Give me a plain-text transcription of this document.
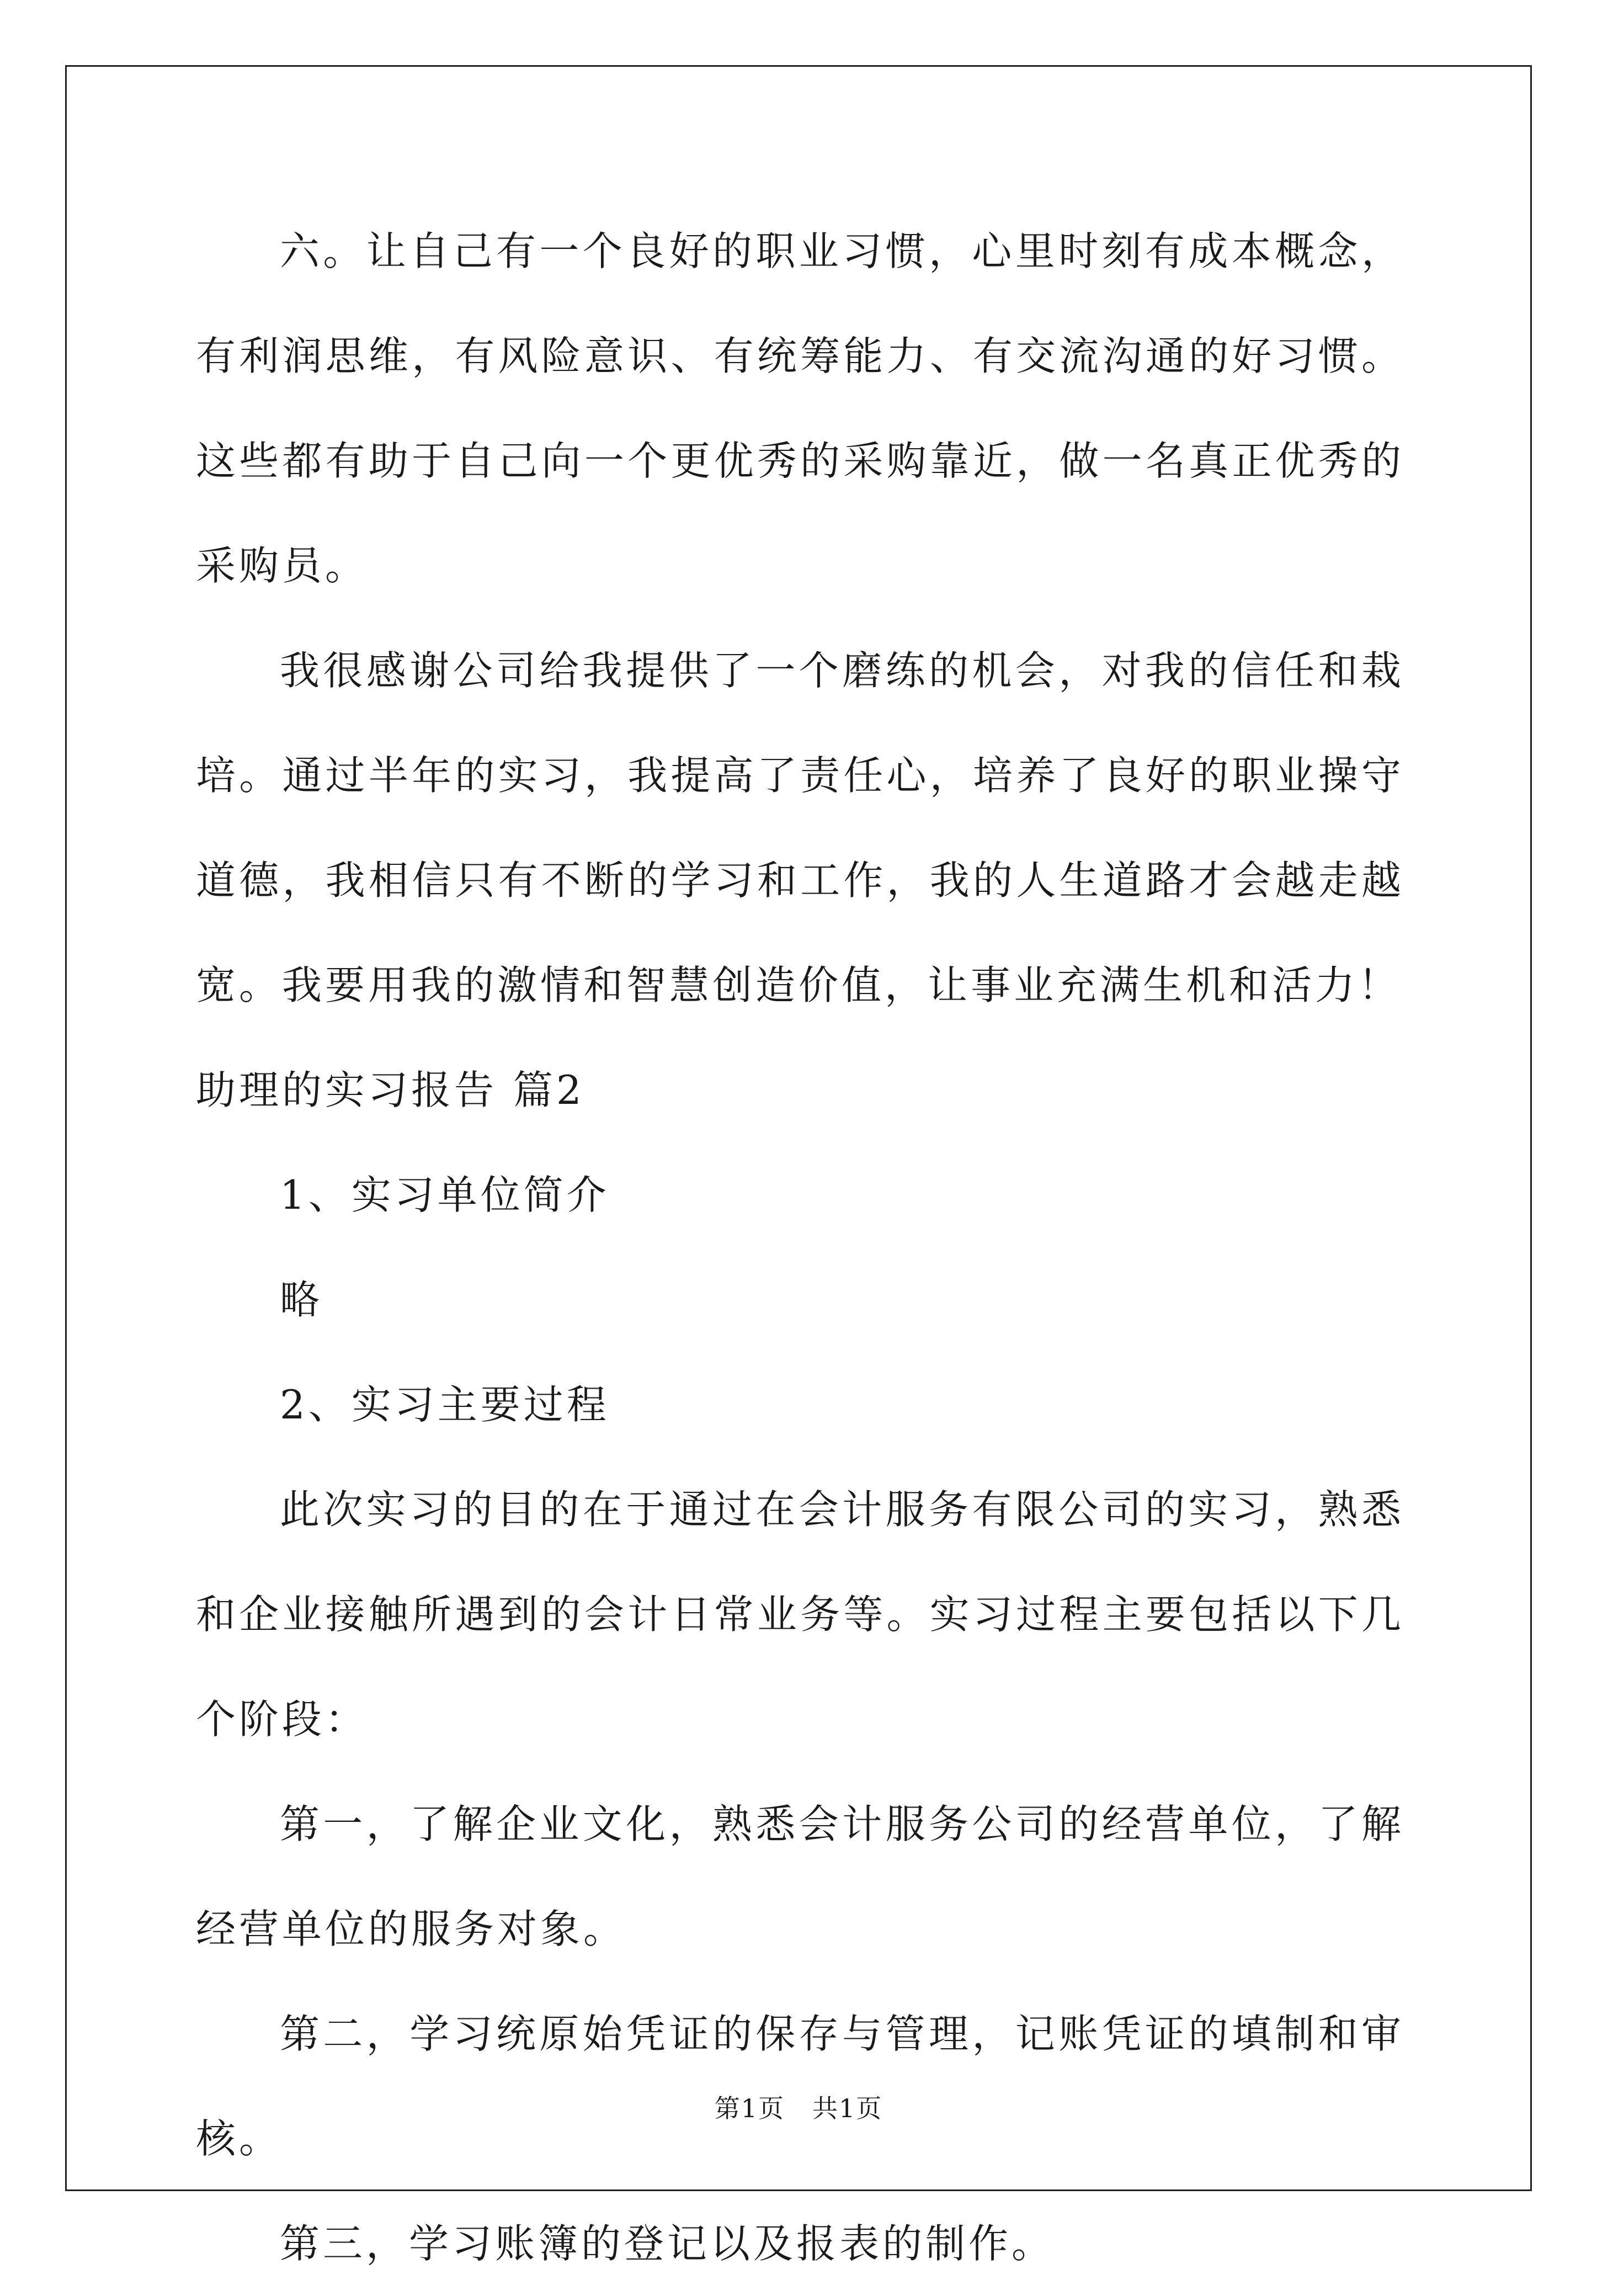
六。让自己有一个良好的职业习惯，心里时刻有成本概念，有利润思维，有风险意识、有统筹能力、有交流沟通的好习惯。这些都有助于自己向一个更优秀的采购靠近，做一名真正优秀的采购员。

我很感谢公司给我提供了一个磨练的机会，对我的信任和栽培。通过半年的实习，我提高了责任心，培养了良好的职业操守道德，我相信只有不断的学习和工作，我的人生道路才会越走越宽。我要用我的激情和智慧创造价值，让事业充满生机和活力！

助理的实习报告 篇2

1、实习单位简介

略

2、实习主要过程

此次实习的目的在于通过在会计服务有限公司的实习，熟悉和企业接触所遇到的会计日常业务等。实习过程主要包括以下几个阶段：

第一，了解企业文化，熟悉会计服务公司的经营单位，了解经营单位的服务对象。

第二，学习统原始凭证的保存与管理，记账凭证的填制和审核。

第三，学习账簿的登记以及报表的制作。

第1页 共1页
